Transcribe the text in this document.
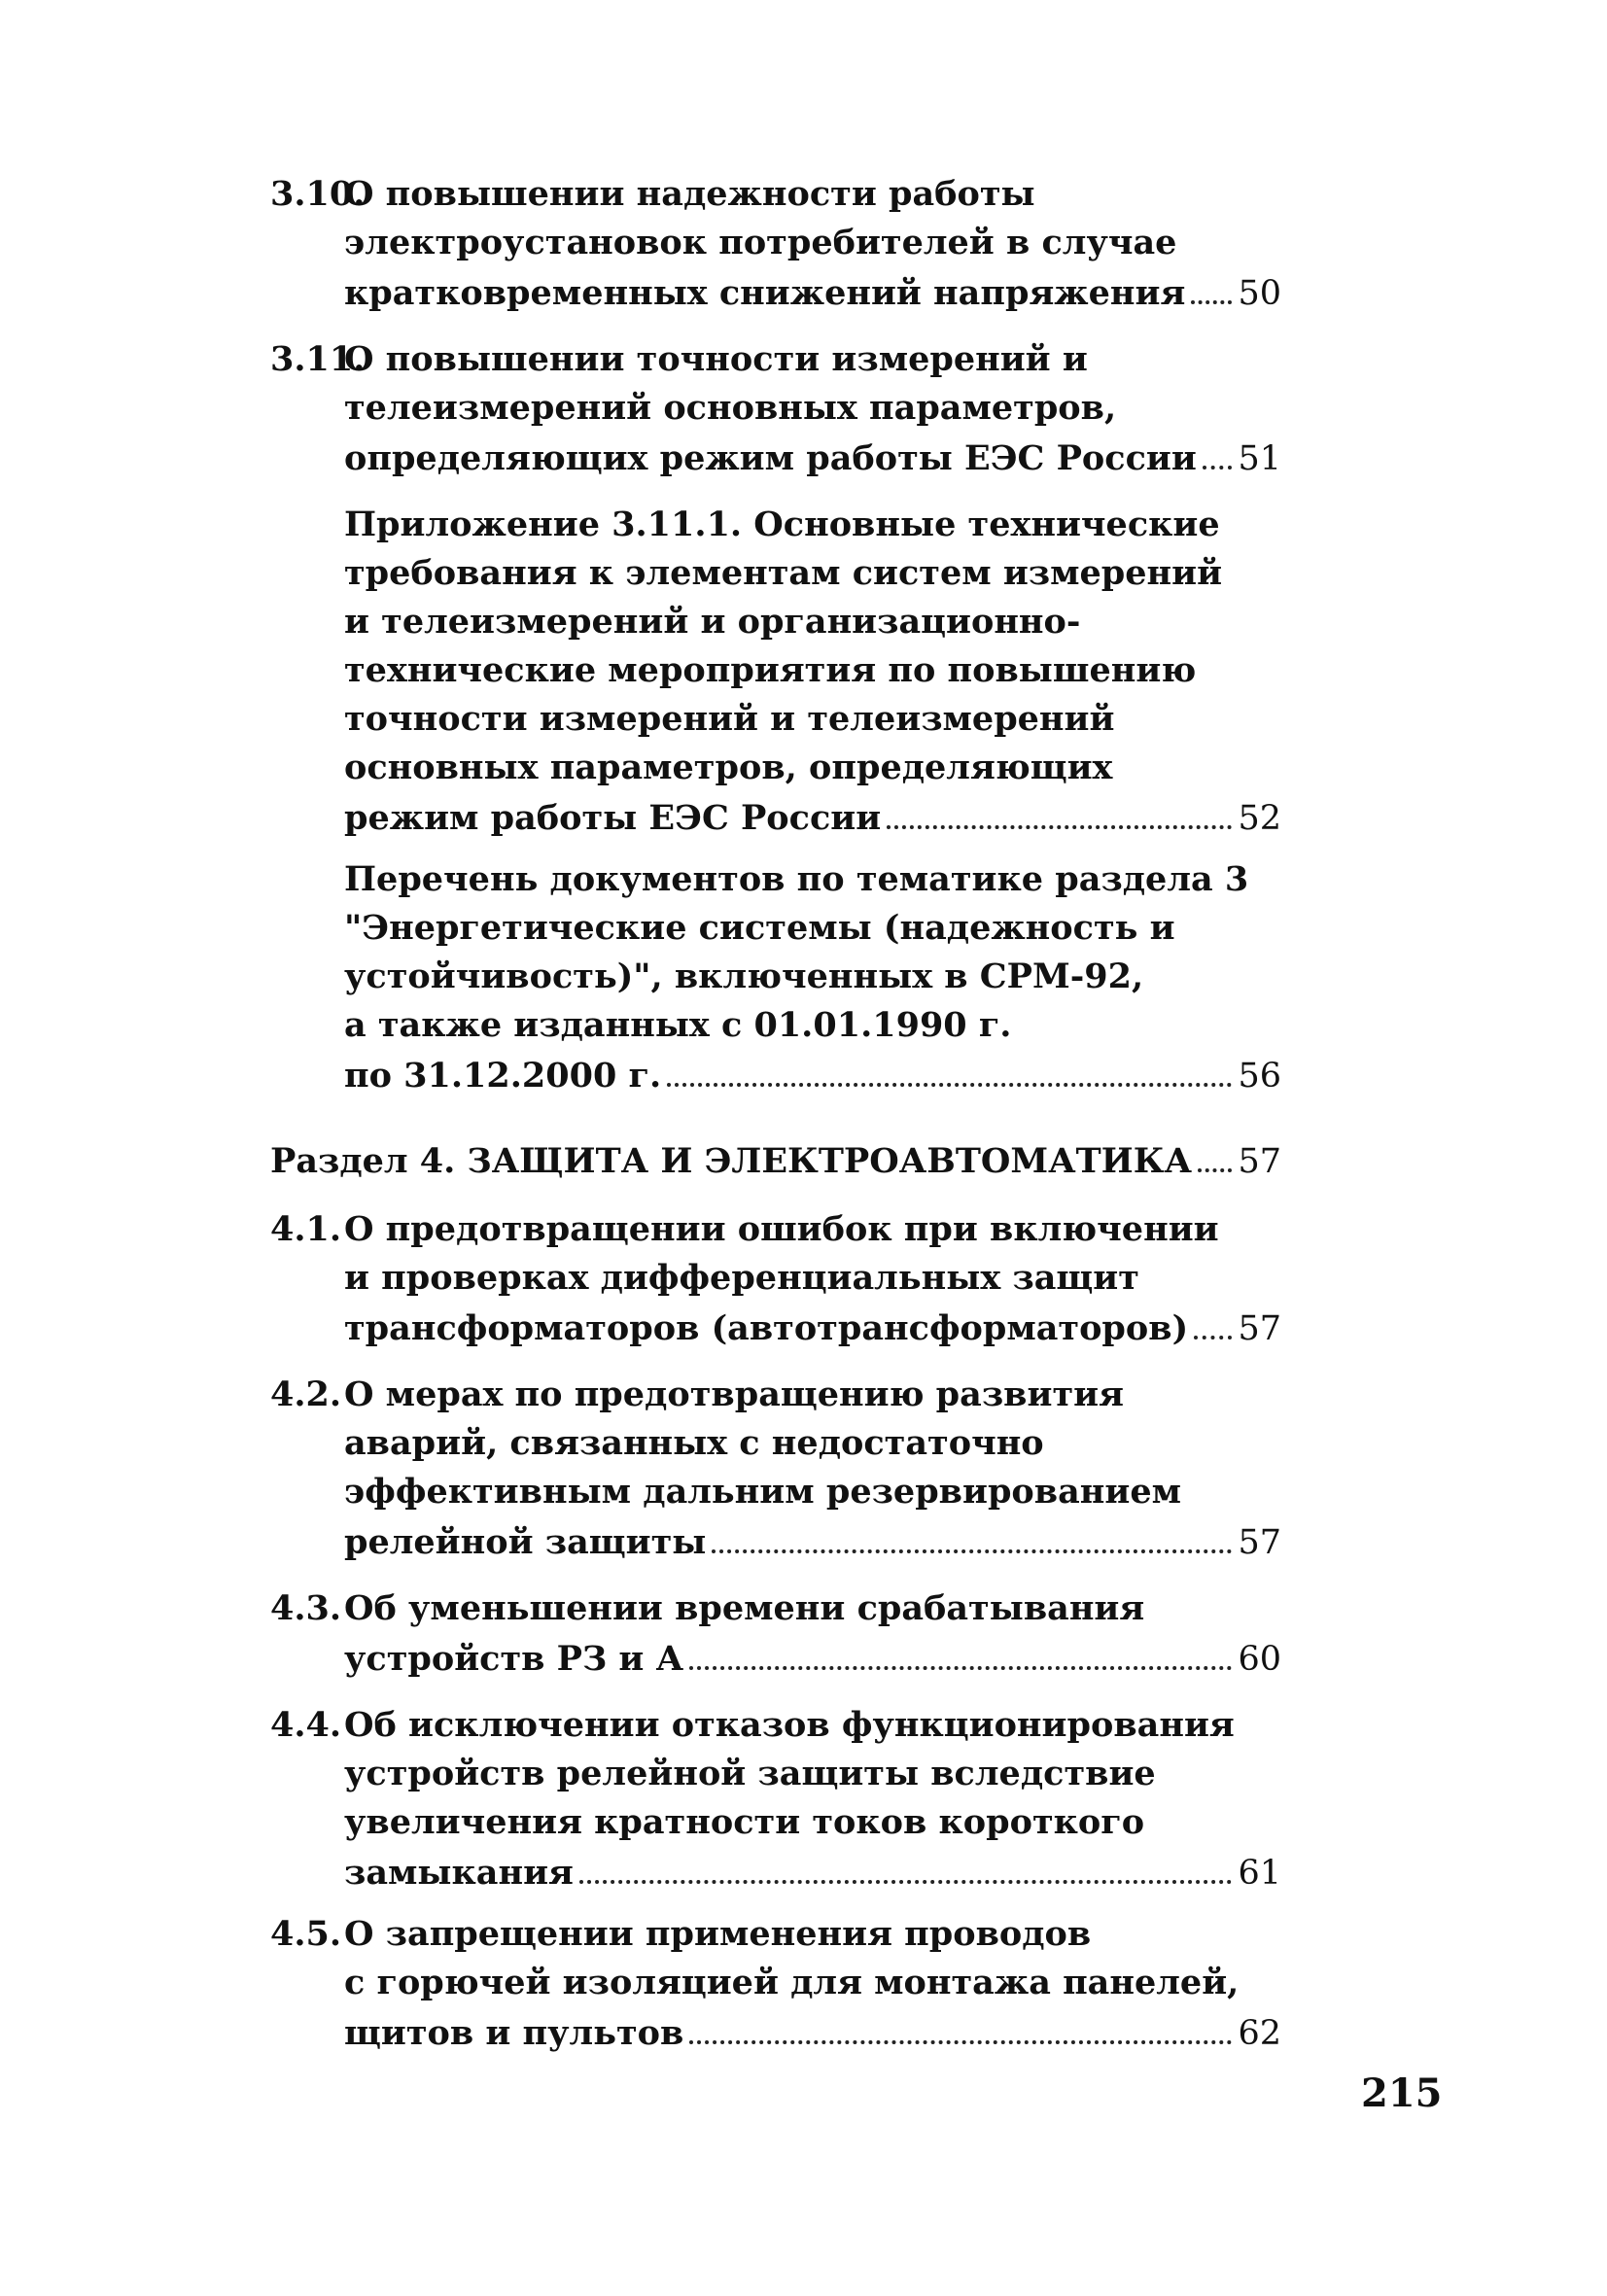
3.10.
О повышении надежности работы
электроустановок потребителей в случае
кратковременных снижений напряжения 50
3.11.
О повышении точности измерений и
телеизмерений основных параметров,
определяющих режим работы ЕЭС России 51
Приложение 3.11.1. Основные технические
требования к элементам систем измерений
и телеизмерений и организационно-
технические мероприятия по повышению
точности измерений и телеизмерений
основных параметров, определяющих
режим работы ЕЭС России	52
Перечень документов по тематике раздела 3
"Энергетические системы (надежность и
устойчивость)", включенных в СРМ-92,
а также изданных с 01.01.1990 г.
по 31.12.2000 г.	56
Раздел 4. ЗАЩИТА И ЭЛЕКТРОАВТОМАТИКА 57
4.1. О предотвращении ошибок при включении
и проверках дифференциальных защит
трансформаторов (автотрансформаторов) 57
4.2. О мерах по предотвращению развития
аварий, связанных с недостаточно
эффективным дальним резервированием
релейной защиты	57
4.3. Об уменьшении времени срабатывания
устройств РЗ и А	60
4.4. Об исключении отказов функционирования
устройств релейной защиты вследствие
увеличения кратности токов короткого
замыкания	61
4.5. О запрещении применения проводов
с горючей изоляцией для монтажа панелей,
щитов и пультов	62
215
